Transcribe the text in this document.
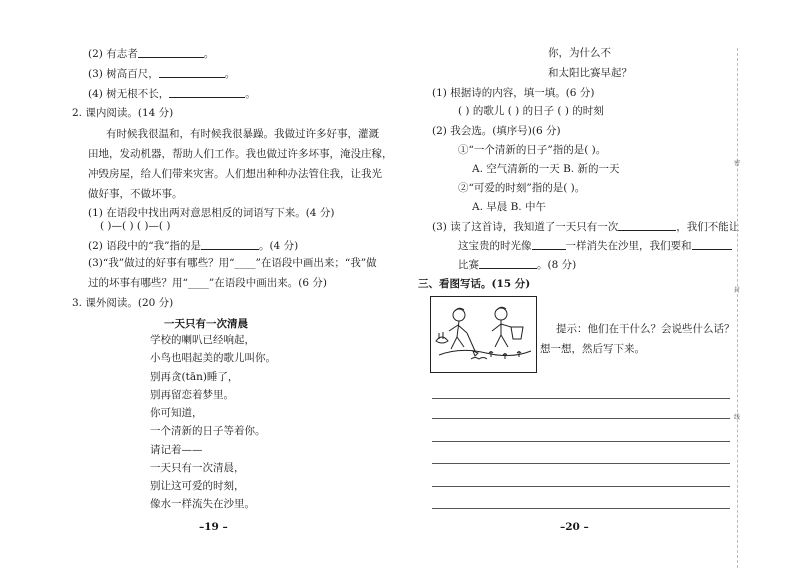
(2) 有志者	。
(3) 树高百尺，	。
(4) 树无根不长，	。
2. 课内阅读。(14 分)
有时候我很温和，有时候我很暴躁。我做过许多好事，灌溉
田地，发动机器，帮助人们工作。我也做过许多坏事，淹没庄稼，
冲毁房屋，给人们带来灾害。人们想出种种办法管住我，让我光
做好事，不做坏事。
(1) 在语段中找出两对意思相反的词语写下来。(4 分)
( )—( ) ( )—( )
(2) 语段中的“我”指的是	。(4 分)
(3)“我”做过的好事有哪些？用“____”在语段中画出来；“我”做
过的坏事有哪些？用“____”在语段中画出来。(6 分)
3. 课外阅读。(20 分)
一天只有一次清晨
学校的喇叭已经响起，
小鸟也唱起美的歌儿叫你。
别再贪(tān)睡了，
别再留恋着梦里。
你可知道，
一个清新的日子等着你。
请记着——
一天只有一次清晨，
别让这可爱的时刻，
像水一样流失在沙里。
–19 –
你，为什么不
和太阳比赛早起？
(1) 根据诗的内容，填一填。(6 分)
( ) 的歌儿 ( ) 的日子 ( ) 的时刻
(2) 我会选。(填序号)(6 分)
①“一个清新的日子”指的是( )。
A. 空气清新的一天 B. 新的一天
②“可爱的时刻”指的是( )。
A. 早晨 B. 中午
(3) 读了这首诗，我知道了一天只有一次	，我们不能让
这宝贵的时光像	一样消失在沙里，我们要和
比赛	。(8 分)
三、看图写话。(15 分)
提示：他们在干什么？会说些什么话？
想一想，然后写下来。
–20 –
密
封
线
